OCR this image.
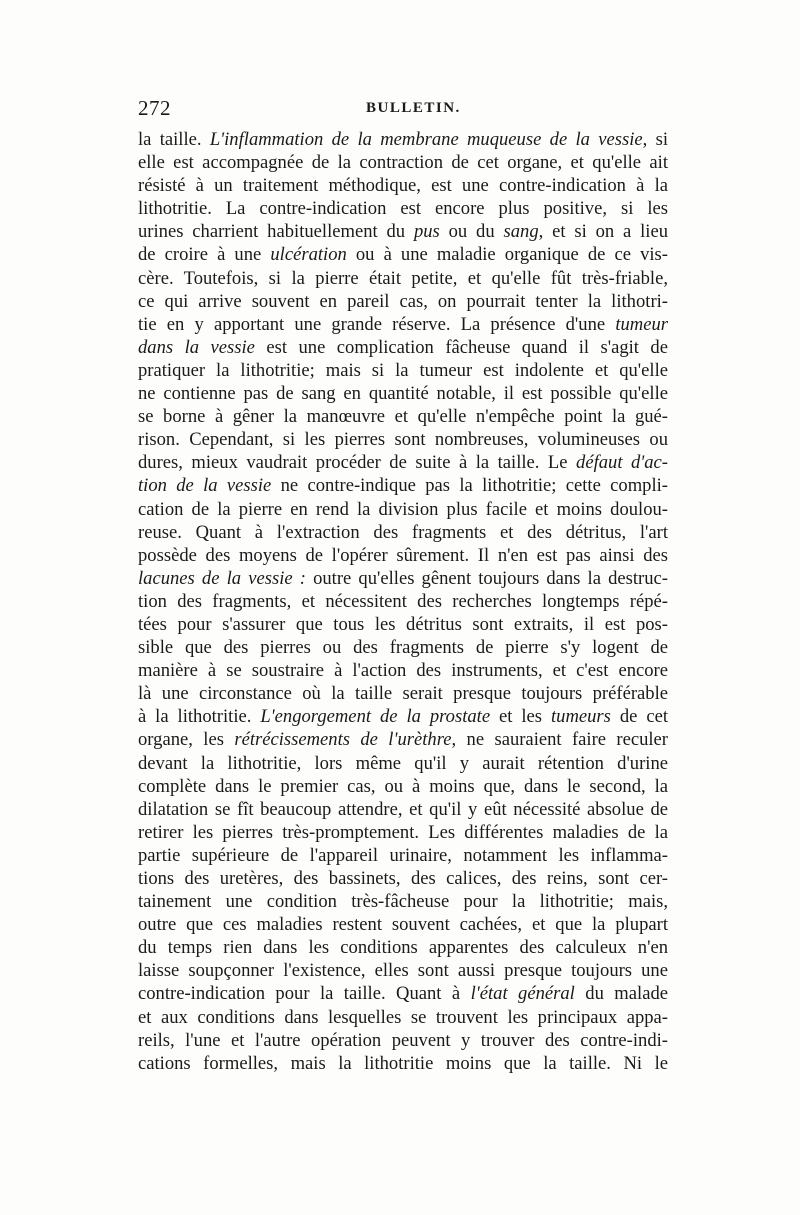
272	BULLETIN.
la taille. L'inflammation de la membrane muqueuse de la vessie, si
elle est accompagnée de la contraction de cet organe, et qu'elle ait
résisté à un traitement méthodique, est une contre-indication à la
lithotritie. La contre-indication est encore plus positive, si les
urines charrient habituellement du pus ou du sang, et si on a lieu
de croire à une ulcération ou à une maladie organique de ce vis-
cère. Toutefois, si la pierre était petite, et qu'elle fût très-friable,
ce qui arrive souvent en pareil cas, on pourrait tenter la lithotri-
tie en y apportant une grande réserve. La présence d'une tumeur
dans la vessie est une complication fâcheuse quand il s'agit de
pratiquer la lithotritie; mais si la tumeur est indolente et qu'elle
ne contienne pas de sang en quantité notable, il est possible qu'elle
se borne à gêner la manœuvre et qu'elle n'empêche point la gué-
rison. Cependant, si les pierres sont nombreuses, volumineuses ou
dures, mieux vaudrait procéder de suite à la taille. Le défaut d'ac-
tion de la vessie ne contre-indique pas la lithotritie; cette compli-
cation de la pierre en rend la division plus facile et moins doulou-
reuse. Quant à l'extraction des fragments et des détritus, l'art
possède des moyens de l'opérer sûrement. Il n'en est pas ainsi des
lacunes de la vessie : outre qu'elles gênent toujours dans la destruc-
tion des fragments, et nécessitent des recherches longtemps répé-
tées pour s'assurer que tous les détritus sont extraits, il est pos-
sible que des pierres ou des fragments de pierre s'y logent de
manière à se soustraire à l'action des instruments, et c'est encore
là une circonstance où la taille serait presque toujours préférable
à la lithotritie. L'engorgement de la prostate et les tumeurs de cet
organe, les rétrécissements de l'urèthre, ne sauraient faire reculer
devant la lithotritie, lors même qu'il y aurait rétention d'urine
complète dans le premier cas, ou à moins que, dans le second, la
dilatation se fît beaucoup attendre, et qu'il y eût nécessité absolue de
retirer les pierres très-promptement. Les différentes maladies de la
partie supérieure de l'appareil urinaire, notamment les inflamma-
tions des uretères, des bassinets, des calices, des reins, sont cer-
tainement une condition très-fâcheuse pour la lithotritie; mais,
outre que ces maladies restent souvent cachées, et que la plupart
du temps rien dans les conditions apparentes des calculeux n'en
laisse soupçonner l'existence, elles sont aussi presque toujours une
contre-indication pour la taille. Quant à l'état général du malade
et aux conditions dans lesquelles se trouvent les principaux appa-
reils, l'une et l'autre opération peuvent y trouver des contre-indi-
cations formelles, mais la lithotritie moins que la taille. Ni le
